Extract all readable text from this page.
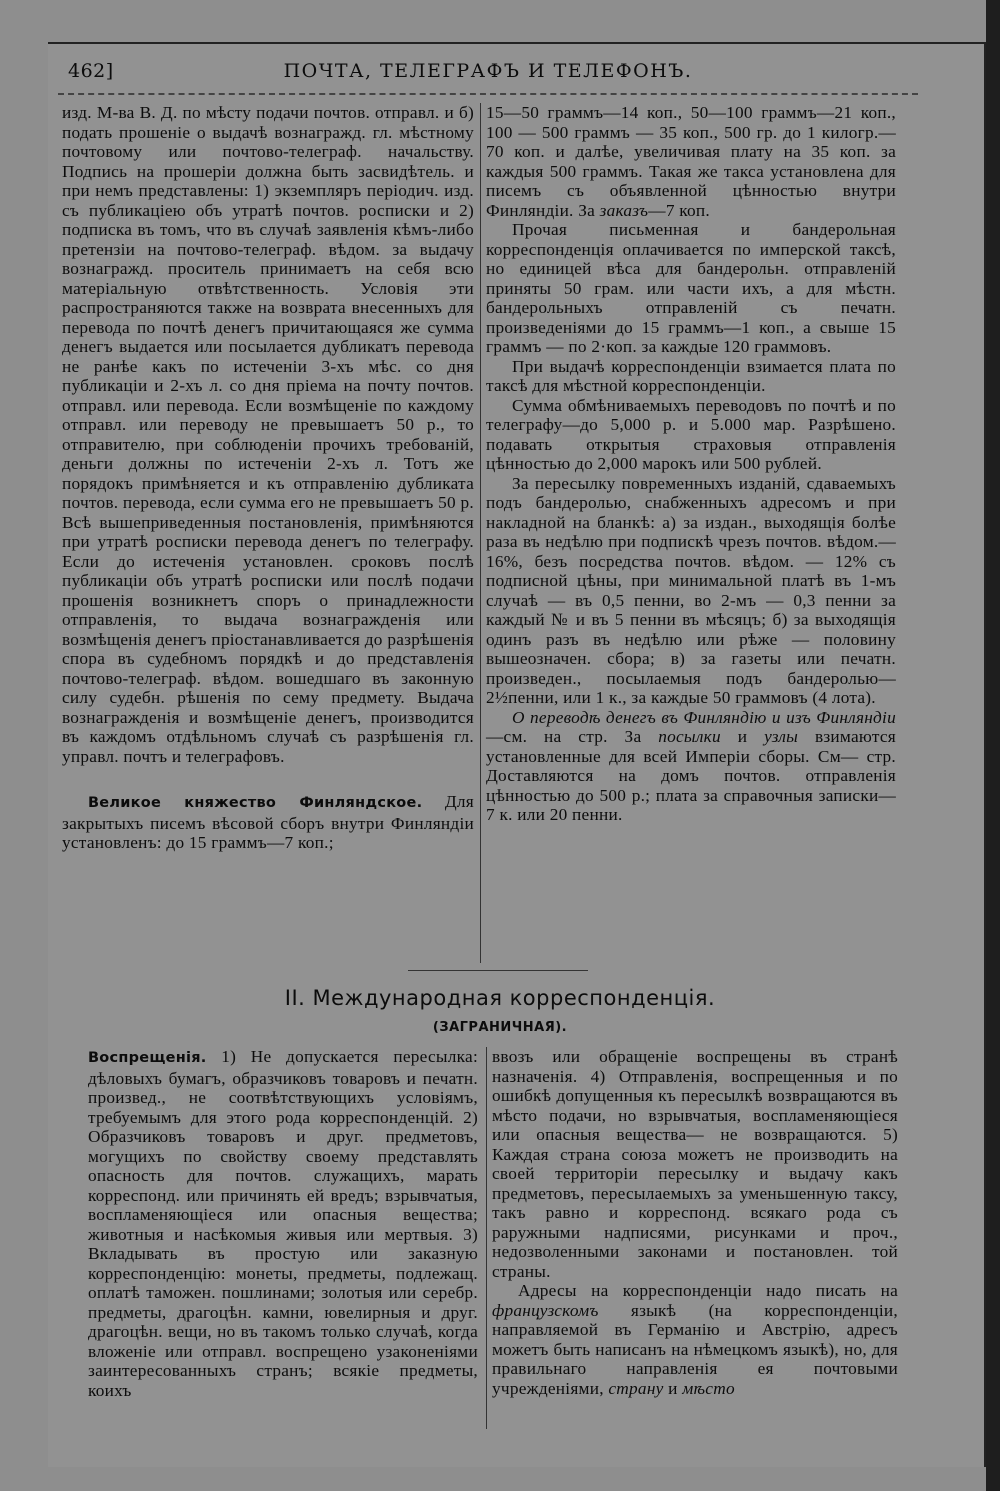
462]	ПОЧТА, ТЕЛЕГРАФЪ И ТЕЛЕФОНЪ.

изд. М-ва В. Д. по мѣсту подачи почтов. отправл. и б) подать прошеніе о выдачѣ вознагражд. гл. мѣстному почтовому или почтово-телеграф. начальству. Подпись на прошеріи должна быть засвидѣтель. и при немъ представлены: 1) экземпляръ періодич. изд. съ публикацiею объ утратѣ почтов. росписки и 2) подписка въ томъ, что въ случаѣ заявленія кѣмъ-либо претензіи на почтово-телеграф. вѣдом. за выдачу вознагражд. проситель принимаетъ на себя всю матеріальную отвѣтственность. Условія эти распространяются также на возврата внесенныхъ для перевода по почтѣ денегъ причитающаяся же сумма денегъ выдается или посылается дубликатъ перевода не ранѣе какъ по истеченіи 3-хъ мѣс. со дня публикаціи и 2-хъ л. со дня пріема на почту почтов. отправл. или перевода. Если возмѣщеніе по каждому отправл. или переводу не превышаетъ 50 р., то отправителю, при соблюденіи прочихъ требованій, деньги должны по истеченіи 2-хъ л. Тотъ же порядокъ примѣняется и къ отправленію дубликата почтов. перевода, если сумма его не превышаетъ 50 р. Всѣ вышеприведенныя постановленія, примѣняются при утратѣ росписки перевода денегъ по телеграфу. Если до истеченія установлен. сроковъ послѣ публикаціи объ утратѣ росписки или послѣ подачи прошенія возникнетъ споръ о принадлежности отправленія, то выдача вознагражденія или возмѣщенія денегъ пріостанавливается до разрѣшенія спора въ судебномъ порядкѣ и до представленія почтово-телеграф. вѣдом. вошедшаго въ законную силу судебн. рѣшенія по сему предмету. Выдача вознагражденія и возмѣщеніе денегъ, производится въ каждомъ отдѣльномъ случаѣ съ разрѣшенія гл. управл. почтъ и телеграфовъ.

Великое княжество Финляндское. Для закрытыхъ писемъ вѣсовой сборъ внутри Финляндіи установленъ: до 15 граммъ—7 коп.;

15—50 граммъ—14 коп., 50—100 граммъ—21 коп., 100 — 500 граммъ — 35 коп., 500 гр. до 1 килогр.—70 коп. и далѣе, увеличивая плату на 35 коп. за каждыя 500 граммъ. Такая же такса установлена для писемъ съ объявленной цѣнностью внутри Финляндіи. За заказъ—7 коп.

Прочая письменная и бандерольная корреспонденція оплачивается по имперской таксѣ, но единицей вѣса для бандерольн. отправленій приняты 50 грам. или части ихъ, а для мѣстн. бандерольныхъ отправленій съ печатн. произведеніями до 15 граммъ—1 коп., а свыше 15 граммъ — по 2·коп. за каждые 120 граммовъ.

При выдачѣ корреспонденціи взимается плата по таксѣ для мѣстной корреспонденціи.

Сумма обмѣниваемыхъ переводовъ по почтѣ и по телеграфу—до 5,000 р. и 5.000 мар. Разрѣшено. подавать открытыя страховыя отправленія цѣнностью до 2,000 марокъ или 500 рублей.

За пересылку повременныхъ изданій, сдаваемыхъ подъ бандеролью, снабженныхъ адресомъ и при накладной на бланкѣ: а) за издан., выходящія болѣе раза въ недѣлю при подпискѣ чрезъ почтов. вѣдом.—16%, безъ посредства почтов. вѣдом. — 12% съ подписной цѣны, при минимальной платѣ въ 1-мъ случаѣ — въ 0,5 пенни, во 2-мъ — 0,3 пенни за каждый № и въ 5 пенни въ мѣсяцъ; б) за выходящія одинъ разъ въ недѣлю или рѣже — половину вышеозначен. сбора; в) за газеты или печатн. произведен., посылаемыя подъ бандеролью—2½пенни, или 1 к., за каждые 50 граммовъ (4 лота).

О переводѣ денегъ въ Финляндію и изъ Финляндіи—см. на стр. За посылки и узлы взимаются установленные для всей Имперіи сборы. См— стр. Доставляются на домъ почтов. отправленія цѣнностью до 500 р.; плата за справочныя записки—7 к. или 20 пенни.

II. Международная корреспонденція.
(ЗАГРАНИЧНАЯ).

Воспрещенія. 1) Не допускается пересылка: дѣловыхъ бумагъ, образчиковъ товаровъ и печатн. произвед., не соотвѣтствующихъ условіямъ, требуемымъ для этого рода корреспонденцій. 2) Образчиковъ товаровъ и друг. предметовъ, могущихъ по свойству своему представлять опасность для почтов. служащихъ, марать корреспонд. или причинять ей вредъ; взрывчатыя, воспламеняющіеся или опасныя вещества; животныя и насѣкомыя живыя или мертвыя. 3) Вкладывать въ простую или заказную корреспонденцію: монеты, предметы, подлежащ. оплатѣ таможен. пошлинами; золотыя или серебр. предметы, драгоцѣн. камни, ювелирныя и друг. драгоцѣн. вещи, но въ такомъ только случаѣ, когда вложеніе или отправл. воспрещено узаконеніями заинтересованныхъ странъ; всякіе предметы, коихъ

ввозъ или обращеніе воспрещены въ странѣ назначенія. 4) Отправленія, воспрещенныя и по ошибкѣ допущенныя къ пересылкѣ возвращаются въ мѣсто подачи, но взрывчатыя, воспламеняющіеся или опасныя вещества— не возвращаются. 5) Каждая страна союза можетъ не производить на своей территоріи пересылку и выдачу какъ предметовъ, пересылаемыхъ за уменьшенную таксу, такъ равно и корреспонд. всякаго рода съ раружными надписями, рисунками и проч., недозволенными законами и постановлен. той страны.

Адресы на корреспонденціи надо писать на французскомъ языкѣ (на корреспонденціи, направляемой въ Германію и Австрію, адресъ можетъ быть написанъ на нѣмецкомъ языкѣ), но, для правильнаго направленія ея почтовыми учрежденіями, страну и мѣсто
